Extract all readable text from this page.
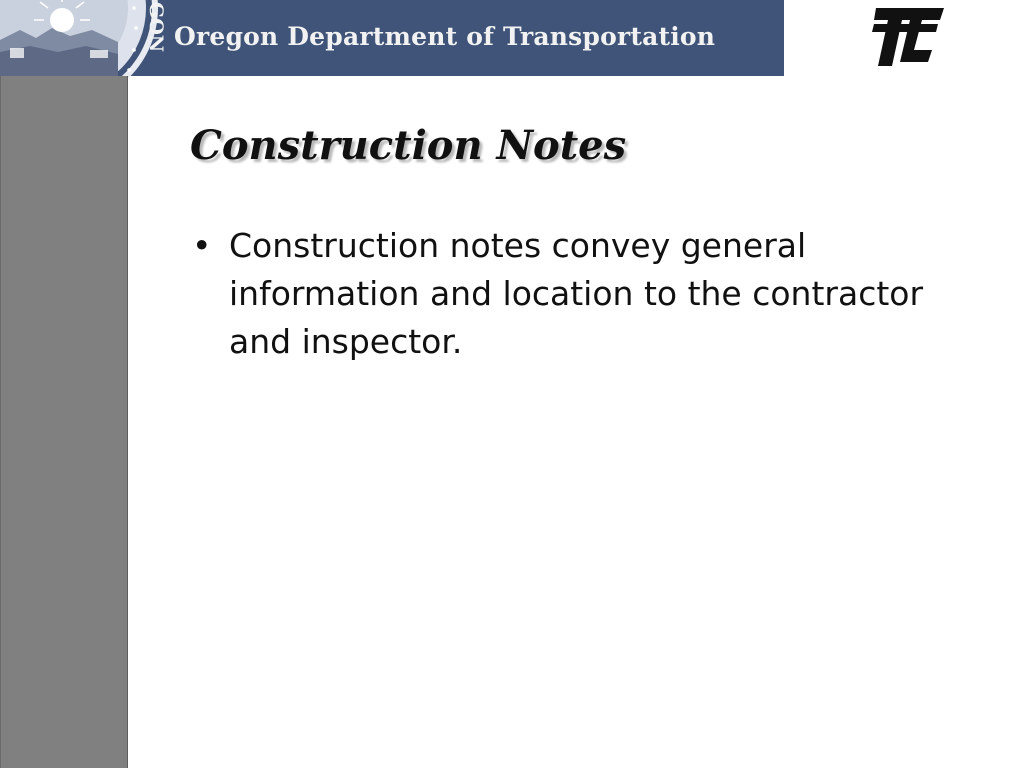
GON Oregon Department of Transportation
Construction Notes
• Construction notes convey general information and location to the contractor and inspector.
